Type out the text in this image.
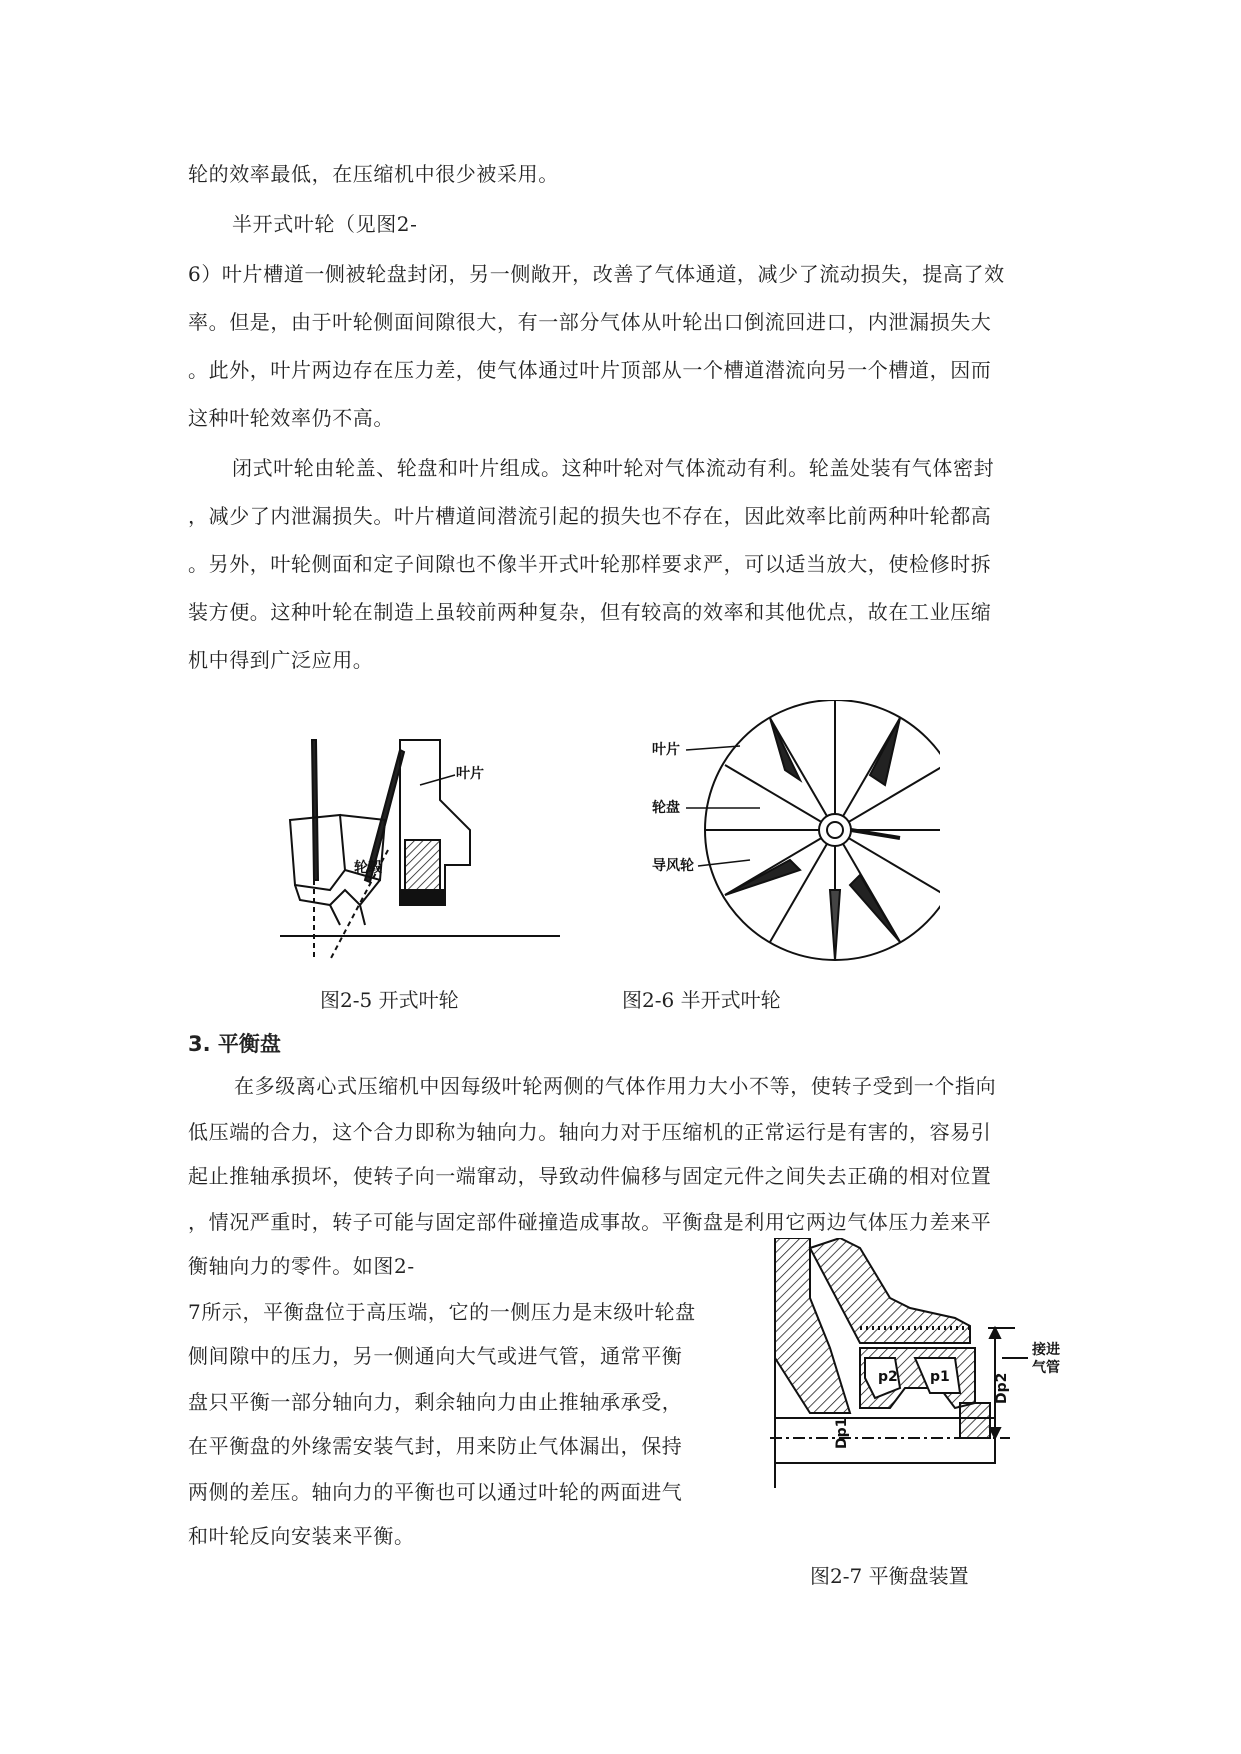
轮的效率最低，在压缩机中很少被采用。
半开式叶轮（见图2-
6）叶片槽道一侧被轮盘封闭，另一侧敞开，改善了气体通道，减少了流动损失，提高了效
率。但是，由于叶轮侧面间隙很大，有一部分气体从叶轮出口倒流回进口，内泄漏损失大
。此外，叶片两边存在压力差，使气体通过叶片顶部从一个槽道潜流向另一个槽道，因而
这种叶轮效率仍不高。
闭式叶轮由轮盖、轮盘和叶片组成。这种叶轮对气体流动有利。轮盖处装有气体密封
，减少了内泄漏损失。叶片槽道间潜流引起的损失也不存在，因此效率比前两种叶轮都高
。另外，叶轮侧面和定子间隙也不像半开式叶轮那样要求严，可以适当放大，使检修时拆
装方便。这种叶轮在制造上虽较前两种复杂，但有较高的效率和其他优点，故在工业压缩
机中得到广泛应用。
叶片
轮毂
叶片
轮盘
导风轮
图2-5 开式叶轮	图2-6 半开式叶轮
3. 平衡盘
在多级离心式压缩机中因每级叶轮两侧的气体作用力大小不等，使转子受到一个指向
低压端的合力，这个合力即称为轴向力。轴向力对于压缩机的正常运行是有害的，容易引
起止推轴承损坏，使转子向一端窜动，导致动件偏移与固定元件之间失去正确的相对位置
，情况严重时，转子可能与固定部件碰撞造成事故。平衡盘是利用它两边气体压力差来平
衡轴向力的零件。如图2-
7所示，平衡盘位于高压端，它的一侧压力是末级叶轮盘
侧间隙中的压力，另一侧通向大气或进气管，通常平衡
盘只平衡一部分轴向力，剩余轴向力由止推轴承承受，
在平衡盘的外缘需安装气封，用来防止气体漏出，保持
两侧的差压。轴向力的平衡也可以通过叶轮的两面进气
和叶轮反向安装来平衡。
p2 p1
接进
气管
Dp2
Dp1
图2-7 平衡盘装置
